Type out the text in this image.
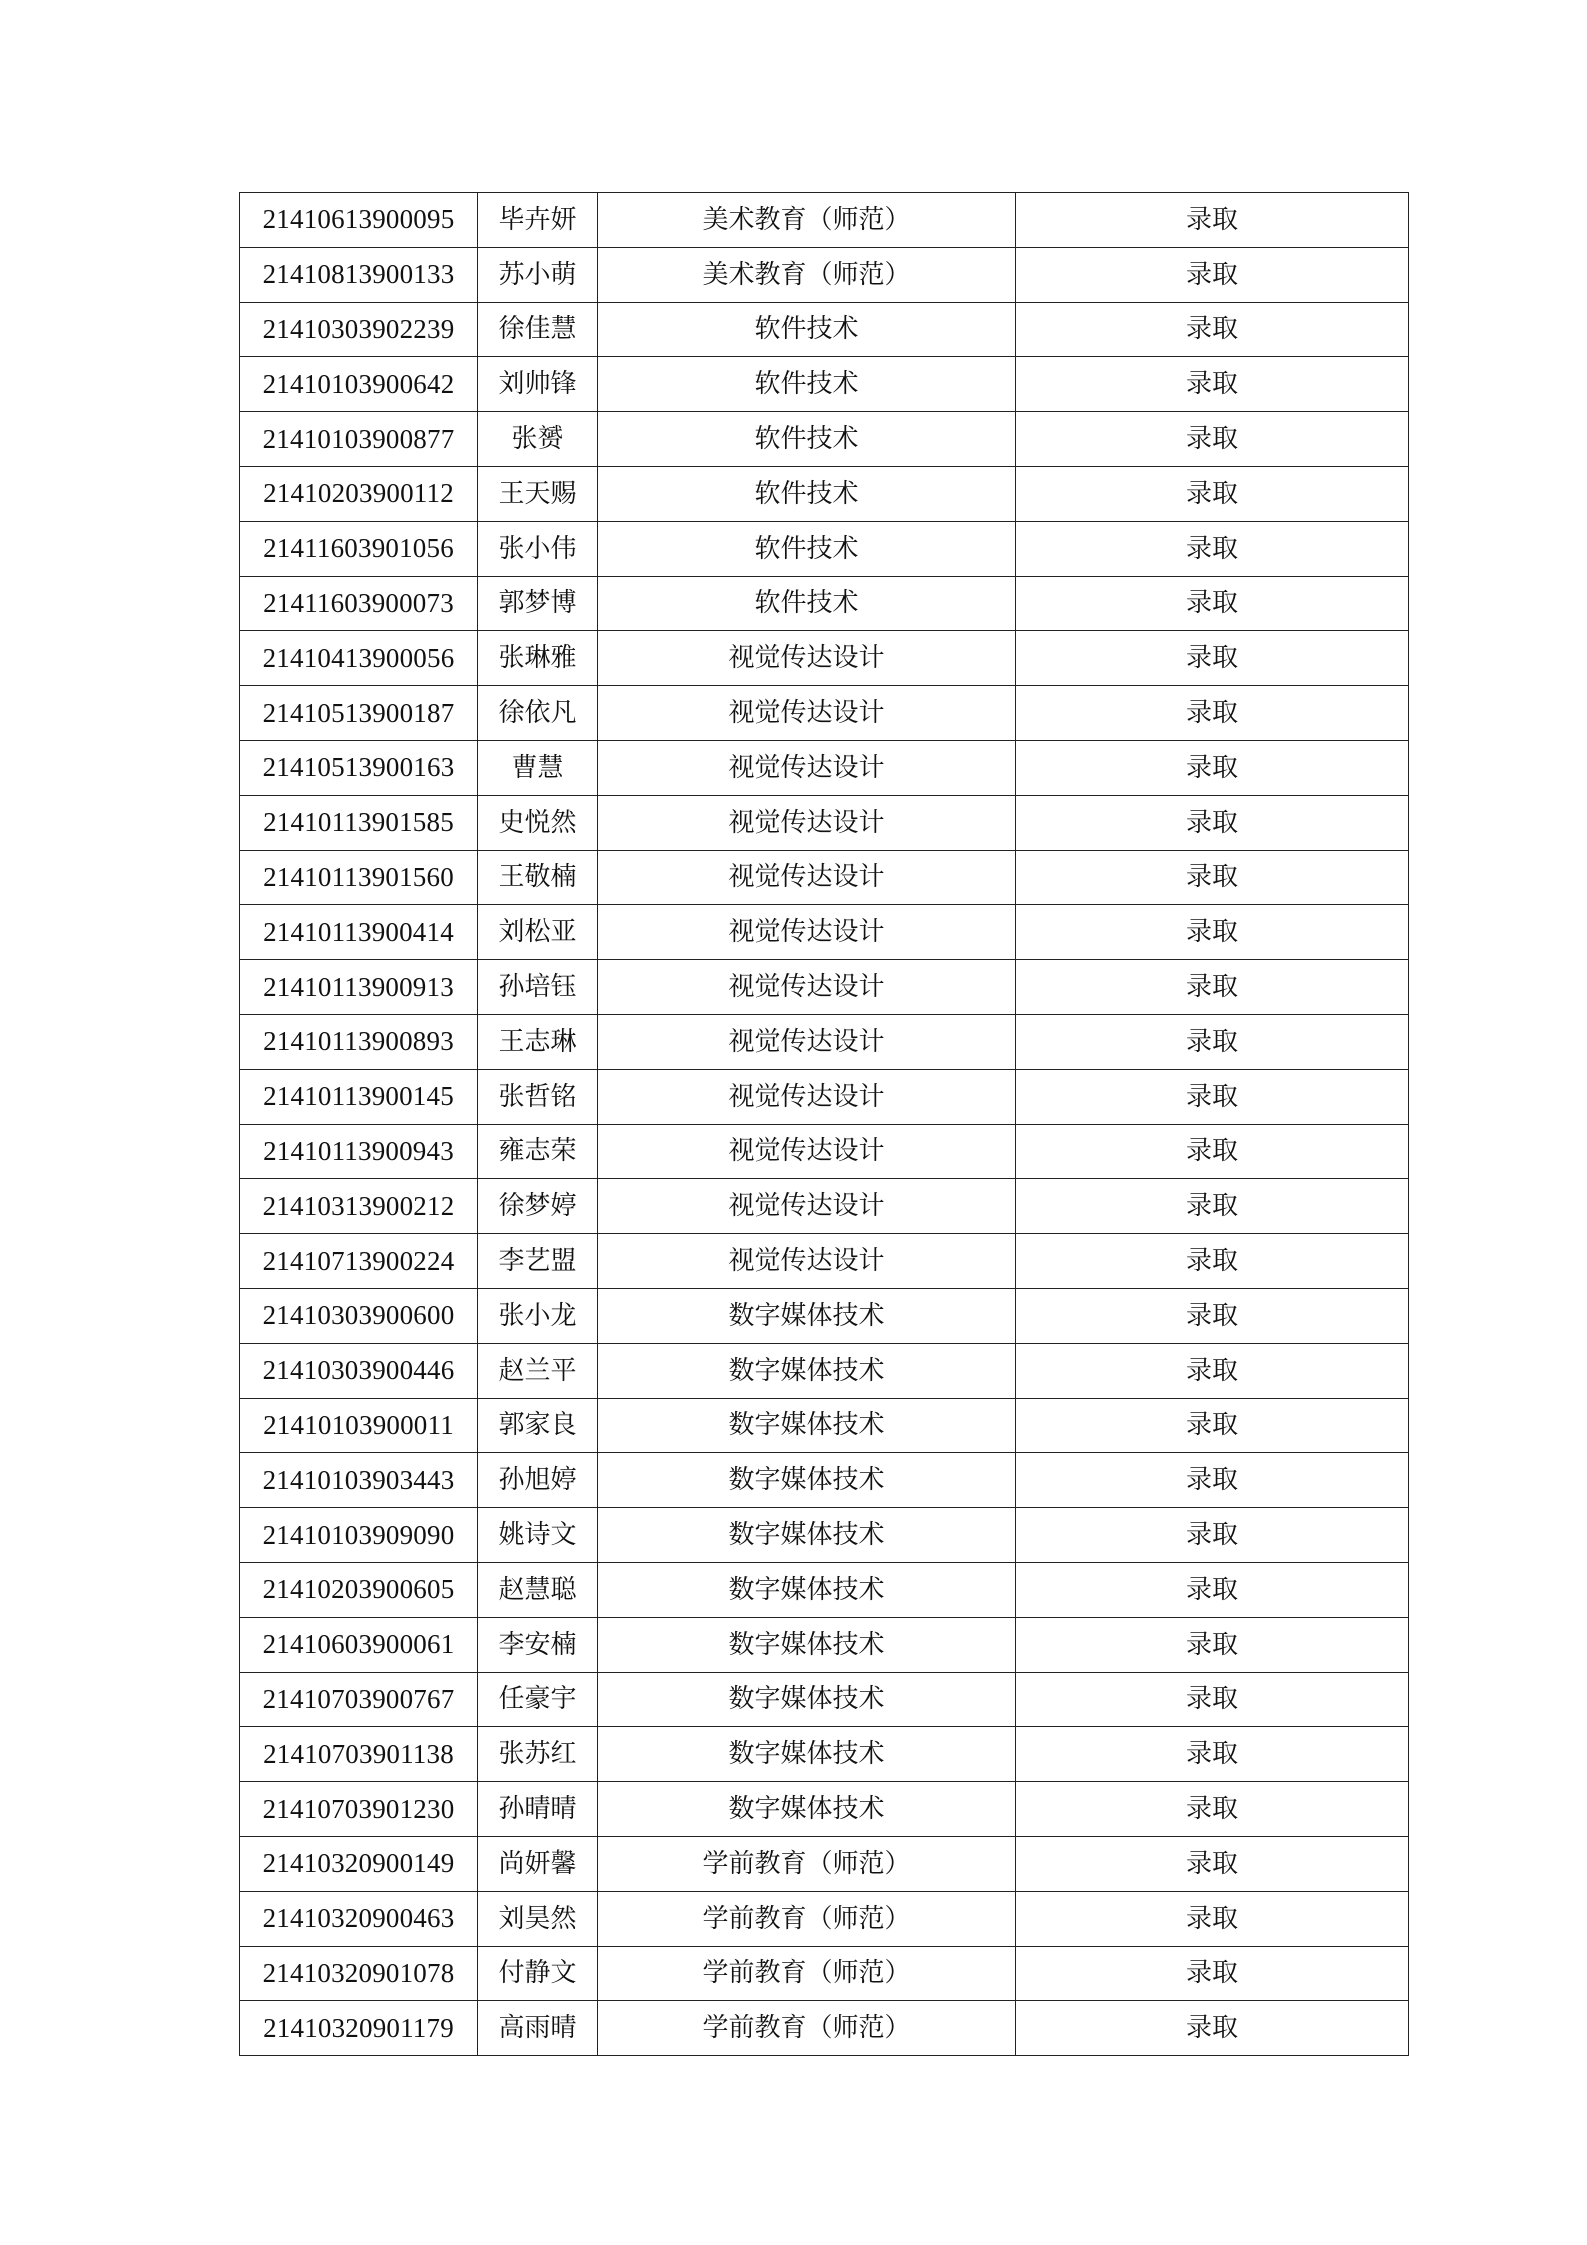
21410613900095	毕卉妍	美术教育（师范）	录取
21410813900133	苏小萌	美术教育（师范）	录取
21410303902239	徐佳慧	软件技术	录取
21410103900642	刘帅锋	软件技术	录取
21410103900877	张赟	软件技术	录取
21410203900112	王天赐	软件技术	录取
21411603901056	张小伟	软件技术	录取
21411603900073	郭梦博	软件技术	录取
21410413900056	张琳雅	视觉传达设计	录取
21410513900187	徐依凡	视觉传达设计	录取
21410513900163	曹慧	视觉传达设计	录取
21410113901585	史悦然	视觉传达设计	录取
21410113901560	王敬楠	视觉传达设计	录取
21410113900414	刘松亚	视觉传达设计	录取
21410113900913	孙培钰	视觉传达设计	录取
21410113900893	王志琳	视觉传达设计	录取
21410113900145	张哲铭	视觉传达设计	录取
21410113900943	雍志荣	视觉传达设计	录取
21410313900212	徐梦婷	视觉传达设计	录取
21410713900224	李艺盟	视觉传达设计	录取
21410303900600	张小龙	数字媒体技术	录取
21410303900446	赵兰平	数字媒体技术	录取
21410103900011	郭家良	数字媒体技术	录取
21410103903443	孙旭婷	数字媒体技术	录取
21410103909090	姚诗文	数字媒体技术	录取
21410203900605	赵慧聪	数字媒体技术	录取
21410603900061	李安楠	数字媒体技术	录取
21410703900767	任豪宇	数字媒体技术	录取
21410703901138	张苏红	数字媒体技术	录取
21410703901230	孙晴晴	数字媒体技术	录取
21410320900149	尚妍馨	学前教育（师范）	录取
21410320900463	刘昊然	学前教育（师范）	录取
21410320901078	付静文	学前教育（师范）	录取
21410320901179	高雨晴	学前教育（师范）	录取
